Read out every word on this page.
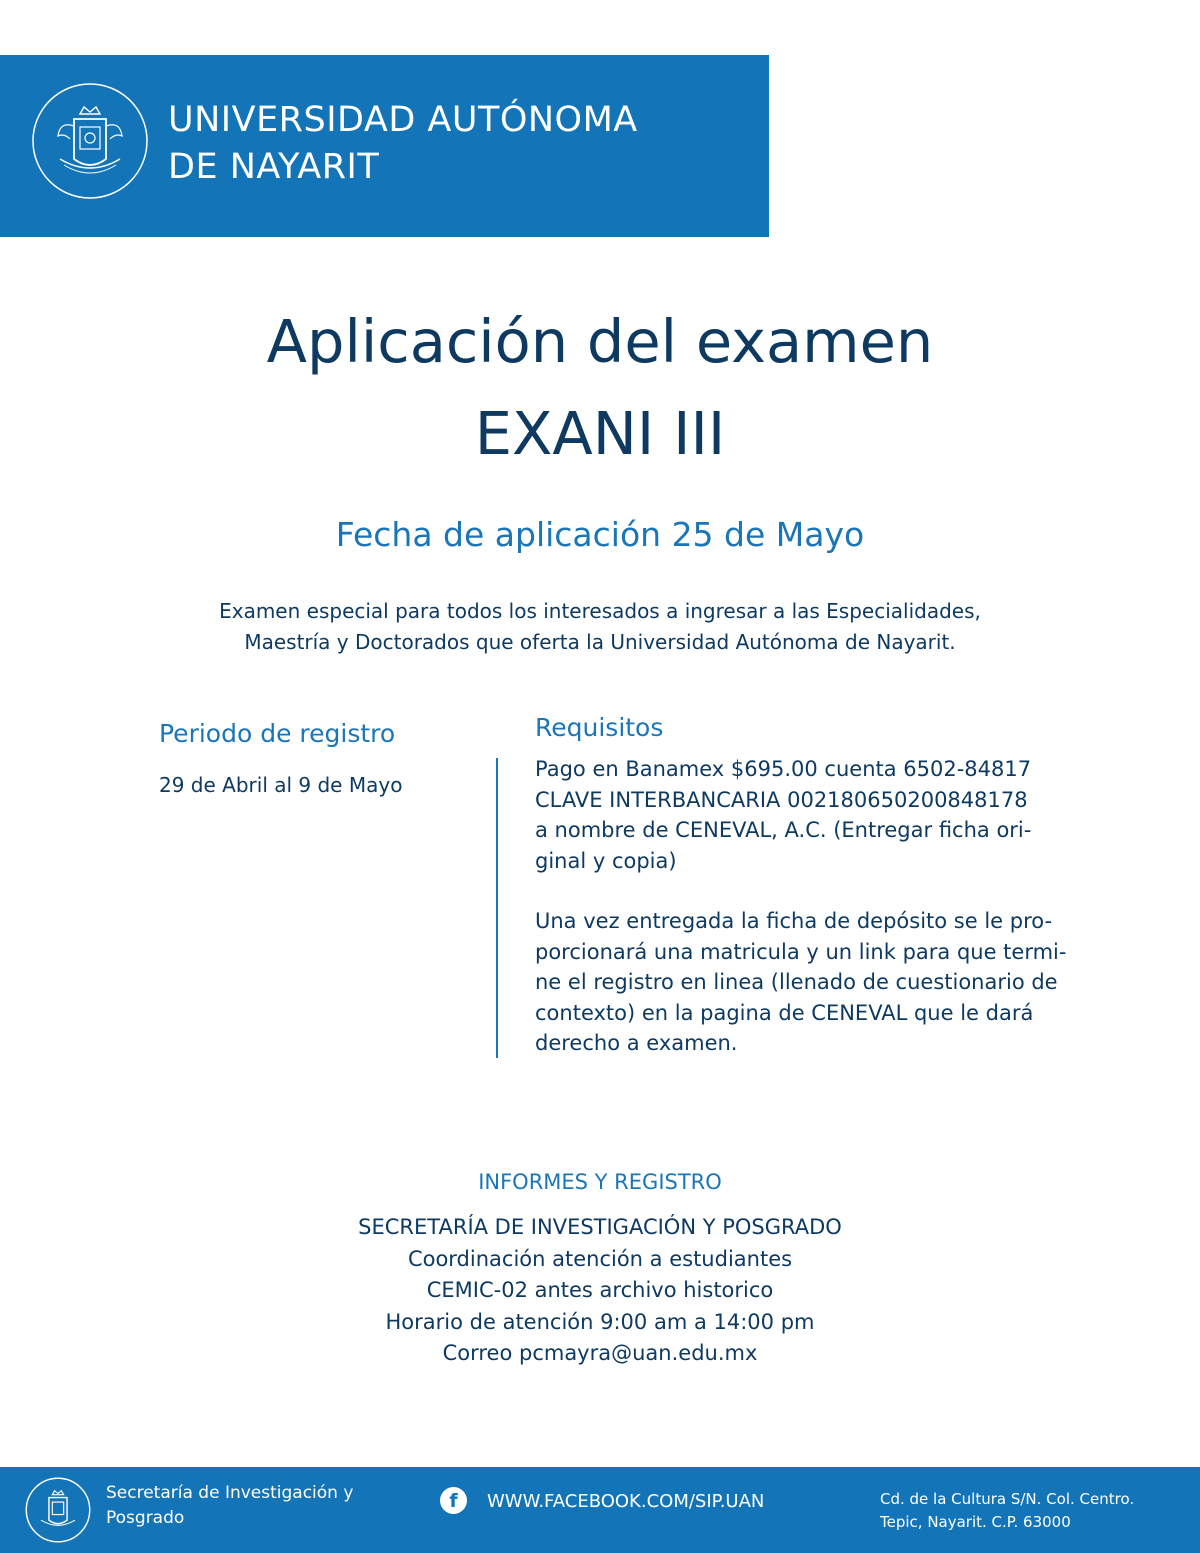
UNIVERSIDAD AUTÓNOMA
DE NAYARIT
Aplicación del examen
EXANI III
Fecha de aplicación 25 de Mayo
Examen especial para todos los interesados a ingresar a las Especialidades,
Maestría y Doctorados que oferta la Universidad Autónoma de Nayarit.
Periodo de registro
29 de Abril al 9 de Mayo
Requisitos
Pago en Banamex $695.00 cuenta 6502-84817
CLAVE INTERBANCARIA 002180650200848178
a nombre de CENEVAL, A.C. (Entregar ficha ori-
ginal y copia)
Una vez entregada la ficha de depósito se le pro-
porcionará una matricula y un link para que termi-
ne el registro en linea (llenado de cuestionario de
contexto) en la pagina de CENEVAL que le dará
derecho a examen.
INFORMES Y REGISTRO
SECRETARÍA DE INVESTIGACIÓN Y POSGRADO
Coordinación atención a estudiantes
CEMIC-02 antes archivo historico
Horario de atención 9:00 am a 14:00 pm
Correo pcmayra@uan.edu.mx
Secretaría de Investigación y
Posgrado
f	WWW.FACEBOOK.COM/SIP.UAN	Cd. de la Cultura S/N. Col. Centro.
Tepic, Nayarit. C.P. 63000
